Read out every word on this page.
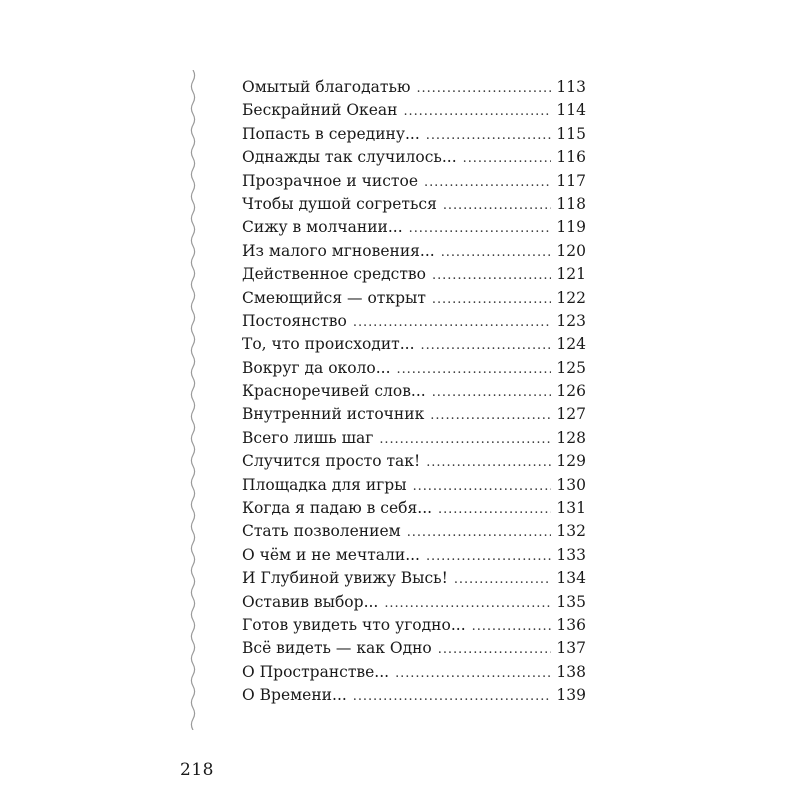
Омытый благодатью . . .	113
Бескрайний Океан . . .	114
Попасть в середину... . . .	115
Однажды так случилось... . . .	116
Прозрачное и чистое . . .	117
Чтобы душой согреться . . .	118
Сижу в молчании... . . .	119
Из малого мгновения... . . .	120
Действенное средство . . .	121
Смеющийся — открыт . . .	122
Постоянство . . .	123
То, что происходит... . . .	124
Вокруг да около... . . .	125
Красноречивей слов... . . .	126
Внутренний источник . . .	127
Всего лишь шаг . . .	128
Случится просто так! . . .	129
Площадка для игры . . .	130
Когда я падаю в себя... . . .	131
Стать позволением . . .	132
О чём и не мечтали... . . .	133
И Глубиной увижу Высь! . . .	134
Оставив выбор... . . .	135
Готов увидеть что угодно... . . .	136
Всё видеть — как Одно . . .	137
О Пространстве... . . .	138
О Времени... . . .	139
218
